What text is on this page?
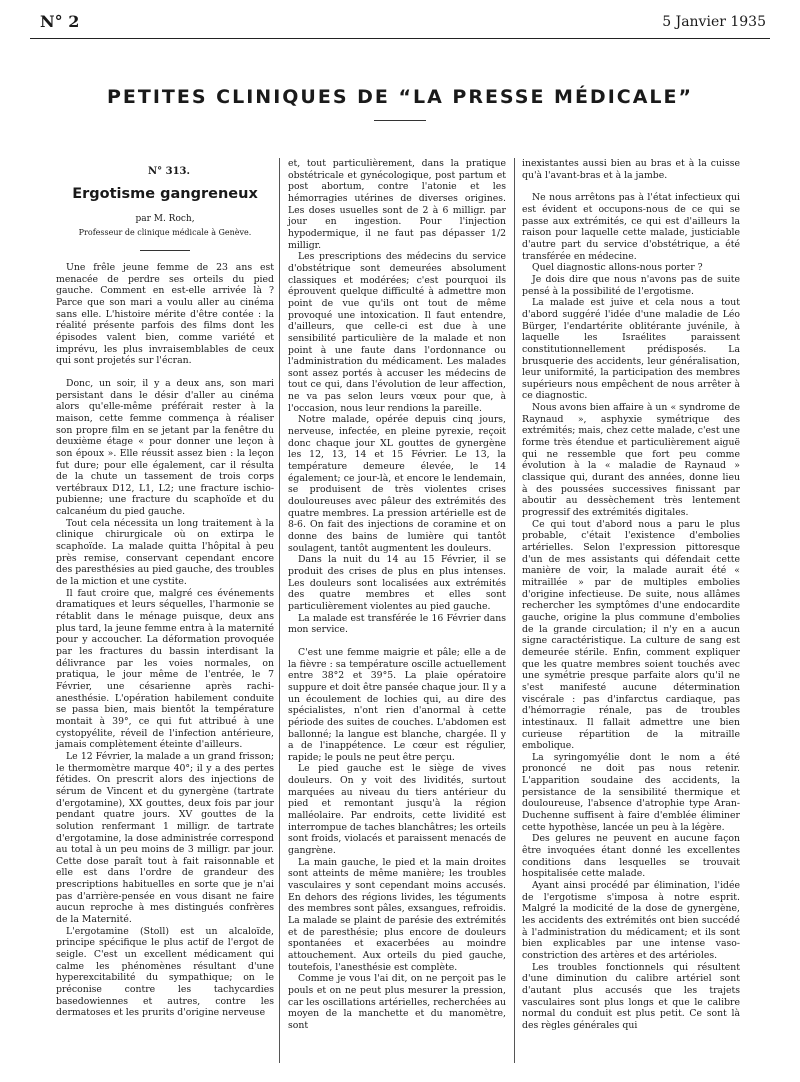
N° 2	5 Janvier 1935
PETITES CLINIQUES DE “LA PRESSE MÉDICALE”
N° 313.
Ergotisme gangreneux
par M. Roch,
Professeur de clinique médicale à Genève.

Une frêle jeune femme de 23 ans est menacée de perdre ses orteils du pied gauche. Comment en est-elle arrivée là ? Parce que son mari a voulu aller au cinéma sans elle. L'histoire mérite d'être contée : la réalité présente parfois des films dont les épisodes valent bien, comme variété et imprévu, les plus invraisemblables de ceux qui sont projetés sur l'écran.

Donc, un soir, il y a deux ans, son mari persistant dans le désir d'aller au cinéma alors qu'elle-même préférait rester à la maison, cette femme commença à réaliser son propre film en se jetant par la fenêtre du deuxième étage « pour donner une leçon à son époux ». Elle réussit assez bien : la leçon fut dure; pour elle également, car il résulta de la chute un tassement de trois corps vertébraux D12, L1, L2; une fracture ischio-pubienne; une fracture du scaphoïde et du calcanéum du pied gauche.

Tout cela nécessita un long traitement à la clinique chirurgicale où on extirpa le scaphoïde. La malade quitta l'hôpital à peu près remise, conservant cependant encore des paresthésies au pied gauche, des troubles de la miction et une cystite.

Il faut croire que, malgré ces événements dramatiques et leurs séquelles, l'harmonie se rétablit dans le ménage puisque, deux ans plus tard, la jeune femme entra à la maternité pour y accoucher. La déformation provoquée par les fractures du bassin interdisant la délivrance par les voies normales, on pratiqua, le jour même de l'entrée, le 7 Février, une césarienne après rachi-anesthésie. L'opération habilement conduite se passa bien, mais bientôt la température montait à 39°, ce qui fut attribué à une cystopyélite, réveil de l'infection antérieure, jamais complètement éteinte d'ailleurs.

Le 12 Février, la malade a un grand frisson; le thermomètre marque 40°; il y a des pertes fétides. On prescrit alors des injections de sérum de Vincent et du gynergène (tartrate d'ergotamine), XX gouttes, deux fois par jour pendant quatre jours. XV gouttes de la solution renfermant 1 milligr. de tartrate d'ergotamine, la dose administrée correspond au total à un peu moins de 3 milligr. par jour. Cette dose paraît tout à fait raisonnable et elle est dans l'ordre de grandeur des prescriptions habituelles en sorte que je n'ai pas d'arrière-pensée en vous disant ne faire aucun reproche à mes distingués confrères de la Maternité.

L'ergotamine (Stoll) est un alcaloïde, principe spécifique le plus actif de l'ergot de seigle. C'est un excellent médicament qui calme les phénomènes résultant d'une hyperexcitabilité du sympathique; on le préconise contre les tachycardies basedowiennes et autres, contre les dermatoses et les prurits d'origine nerveuse

et, tout particulièrement, dans la pratique obstétricale et gynécologique, post partum et post abortum, contre l'atonie et les hémorragies utérines de diverses origines. Les doses usuelles sont de 2 à 6 milligr. par jour en ingestion. Pour l'injection hypodermique, il ne faut pas dépasser 1/2 milligr.

Les prescriptions des médecins du service d'obstétrique sont demeurées absolument classiques et modérées; c'est pourquoi ils éprouvent quelque difficulté à admettre mon point de vue qu'ils ont tout de même provoqué une intoxication. Il faut entendre, d'ailleurs, que celle-ci est due à une sensibilité particulière de la malade et non point à une faute dans l'ordonnance ou l'administration du médicament. Les malades sont assez portés à accuser les médecins de tout ce qui, dans l'évolution de leur affection, ne va pas selon leurs vœux pour que, à l'occasion, nous leur rendions la pareille.

Notre malade, opérée depuis cinq jours, nerveuse, infectée, en pleine pyrexie, reçoit donc chaque jour XL gouttes de gynergène les 12, 13, 14 et 15 Février. Le 13, la température demeure élevée, le 14 également; ce jour-là, et encore le lendemain, se produisent de très violentes crises douloureuses avec pâleur des extrémités des quatre membres. La pression artérielle est de 8-6. On fait des injections de coramine et on donne des bains de lumière qui tantôt soulagent, tantôt augmentent les douleurs.

Dans la nuit du 14 au 15 Février, il se produit des crises de plus en plus intenses. Les douleurs sont localisées aux extrémités des quatre membres et elles sont particulièrement violentes au pied gauche.

La malade est transférée le 16 Février dans mon service.

C'est une femme maigrie et pâle; elle a de la fièvre : sa température oscille actuellement entre 38°2 et 39°5. La plaie opératoire suppure et doit être pansée chaque jour. Il y a un écoulement de lochies qui, au dire des spécialistes, n'ont rien d'anormal à cette période des suites de couches. L'abdomen est ballonné; la langue est blanche, chargée. Il y a de l'inappétence. Le cœur est régulier, rapide; le pouls ne peut être perçu.

Le pied gauche est le siège de vives douleurs. On y voit des lividités, surtout marquées au niveau du tiers antérieur du pied et remontant jusqu'à la région malléolaire. Par endroits, cette lividité est interrompue de taches blanchâtres; les orteils sont froids, violacés et paraissent menacés de gangrène.

La main gauche, le pied et la main droites sont atteints de même manière; les troubles vasculaires y sont cependant moins accusés. En dehors des régions livides, les téguments des membres sont pâles, exsangues, refroidis. La malade se plaint de parésie des extrémités et de paresthésie; plus encore de douleurs spontanées et exacerbées au moindre attouchement. Aux orteils du pied gauche, toutefois, l'anesthésie est complète.

Comme je vous l'ai dit, on ne perçoit pas le pouls et on ne peut plus mesurer la pression, car les oscillations artérielles, recherchées au moyen de la manchette et du manomètre, sont

inexistantes aussi bien au bras et à la cuisse qu'à l'avant-bras et à la jambe.

Ne nous arrêtons pas à l'état infectieux qui est évident et occupons-nous de ce qui se passe aux extrémités, ce qui est d'ailleurs la raison pour laquelle cette malade, justiciable d'autre part du service d'obstétrique, a été transférée en médecine.

Quel diagnostic allons-nous porter ?

Je dois dire que nous n'avons pas de suite pensé à la possibilité de l'ergotisme.

La malade est juive et cela nous a tout d'abord suggéré l'idée d'une maladie de Léo Bürger, l'endartérite oblitérante juvénile, à laquelle les Israélites paraissent constitutionnellement prédisposés. La brusquerie des accidents, leur généralisation, leur uniformité, la participation des membres supérieurs nous empêchent de nous arrêter à ce diagnostic.

Nous avons bien affaire à un « syndrome de Raynaud », asphyxie symétrique des extrémités; mais, chez cette malade, c'est une forme très étendue et particulièrement aiguë qui ne ressemble que fort peu comme évolution à la « maladie de Raynaud » classique qui, durant des années, donne lieu à des poussées successives finissant par aboutir au dessèchement très lentement progressif des extrémités digitales.

Ce qui tout d'abord nous a paru le plus probable, c'était l'existence d'embolies artérielles. Selon l'expression pittoresque d'un de mes assistants qui défendait cette manière de voir, la malade aurait été « mitraillée » par de multiples embolies d'origine infectieuse. De suite, nous allâmes rechercher les symptômes d'une endocardite gauche, origine la plus commune d'embolies de la grande circulation; il n'y en a aucun signe caractéristique. La culture de sang est demeurée stérile. Enfin, comment expliquer que les quatre membres soient touchés avec une symétrie presque parfaite alors qu'il ne s'est manifesté aucune détermination viscérale : pas d'infarctus cardiaque, pas d'hémorragie rénale, pas de troubles intestinaux. Il fallait admettre une bien curieuse répartition de la mitraille embolique.

La syringomyélie dont le nom a été prononcé ne doit pas nous retenir. L'apparition soudaine des accidents, la persistance de la sensibilité thermique et douloureuse, l'absence d'atrophie type Aran-Duchenne suffisent à faire d'emblée éliminer cette hypothèse, lancée un peu à la légère.

Des gelures ne peuvent en aucune façon être invoquées étant donné les excellentes conditions dans lesquelles se trouvait hospitalisée cette malade.

Ayant ainsi procédé par élimination, l'idée de l'ergotisme s'imposa à notre esprit. Malgré la modicité de la dose de gynergène, les accidents des extrémités ont bien succédé à l'administration du médicament; et ils sont bien explicables par une intense vaso-constriction des artères et des artérioles.

Les troubles fonctionnels qui résultent d'une diminution du calibre artériel sont d'autant plus accusés que les trajets vasculaires sont plus longs et que le calibre normal du conduit est plus petit. Ce sont là des règles générales qui
